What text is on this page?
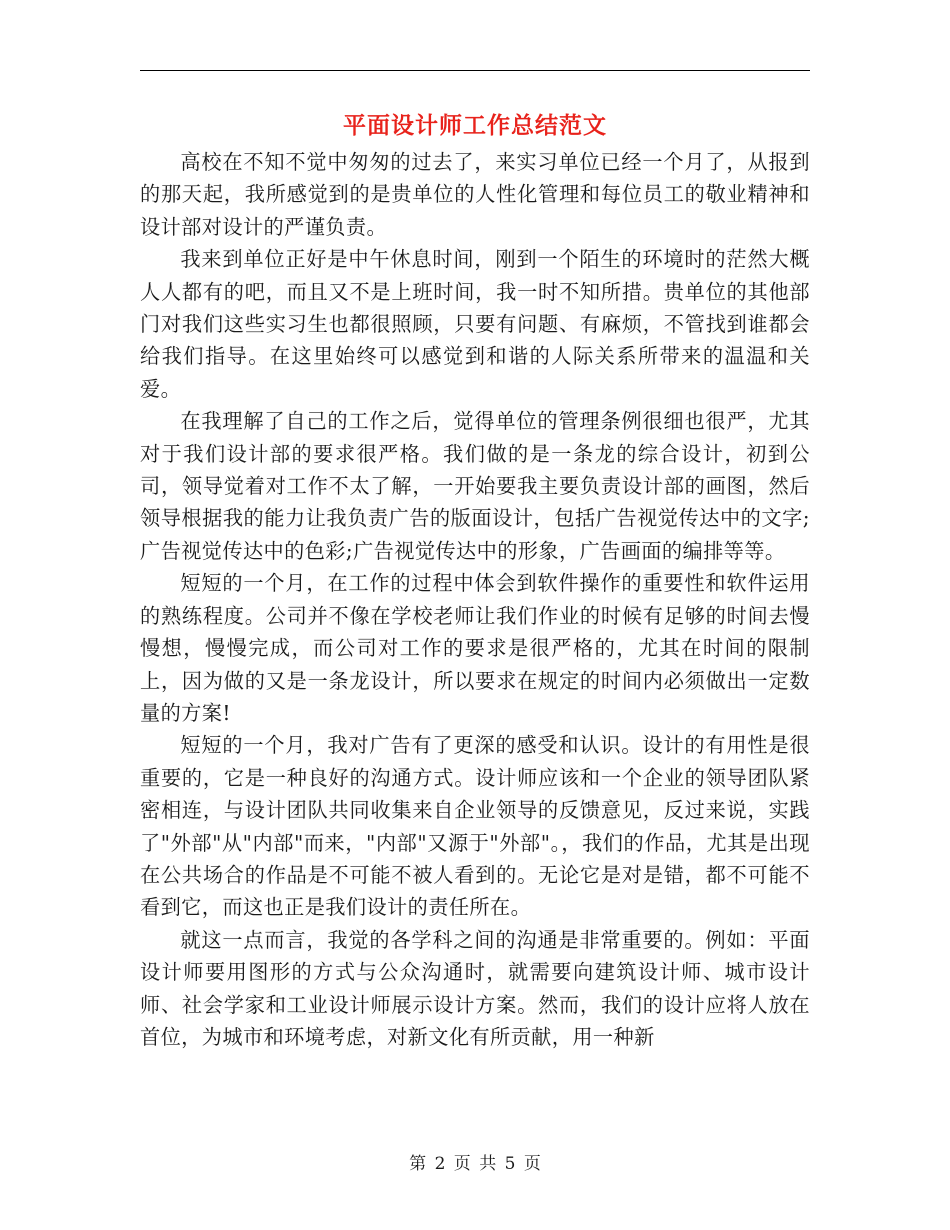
平面设计师工作总结范文

高校在不知不觉中匆匆的过去了，来实习单位已经一个月了，从报到的那天起，我所感觉到的是贵单位的人性化管理和每位员工的敬业精神和设计部对设计的严谨负责。

我来到单位正好是中午休息时间，刚到一个陌生的环境时的茫然大概人人都有的吧，而且又不是上班时间，我一时不知所措。贵单位的其他部门对我们这些实习生也都很照顾，只要有问题、有麻烦，不管找到谁都会给我们指导。在这里始终可以感觉到和谐的人际关系所带来的温温和关爱。

在我理解了自己的工作之后，觉得单位的管理条例很细也很严，尤其对于我们设计部的要求很严格。我们做的是一条龙的综合设计，初到公司，领导觉着对工作不太了解，一开始要我主要负责设计部的画图，然后领导根据我的能力让我负责广告的版面设计，包括广告视觉传达中的文字;广告视觉传达中的色彩;广告视觉传达中的形象，广告画面的编排等等。

短短的一个月，在工作的过程中体会到软件操作的重要性和软件运用的熟练程度。公司并不像在学校老师让我们作业的时候有足够的时间去慢慢想，慢慢完成，而公司对工作的要求是很严格的，尤其在时间的限制上，因为做的又是一条龙设计，所以要求在规定的时间内必须做出一定数量的方案!

短短的一个月，我对广告有了更深的感受和认识。设计的有用性是很重要的，它是一种良好的沟通方式。设计师应该和一个企业的领导团队紧密相连，与设计团队共同收集来自企业领导的反馈意见，反过来说，实践了"外部"从"内部"而来，"内部"又源于"外部"。，我们的作品，尤其是出现在公共场合的作品是不可能不被人看到的。无论它是对是错，都不可能不看到它，而这也正是我们设计的责任所在。

就这一点而言，我觉的各学科之间的沟通是非常重要的。例如：平面设计师要用图形的方式与公众沟通时，就需要向建筑设计师、城市设计师、社会学家和工业设计师展示设计方案。然而，我们的设计应将人放在首位，为城市和环境考虑，对新文化有所贡献，用一种新

第 2 页 共 5 页
